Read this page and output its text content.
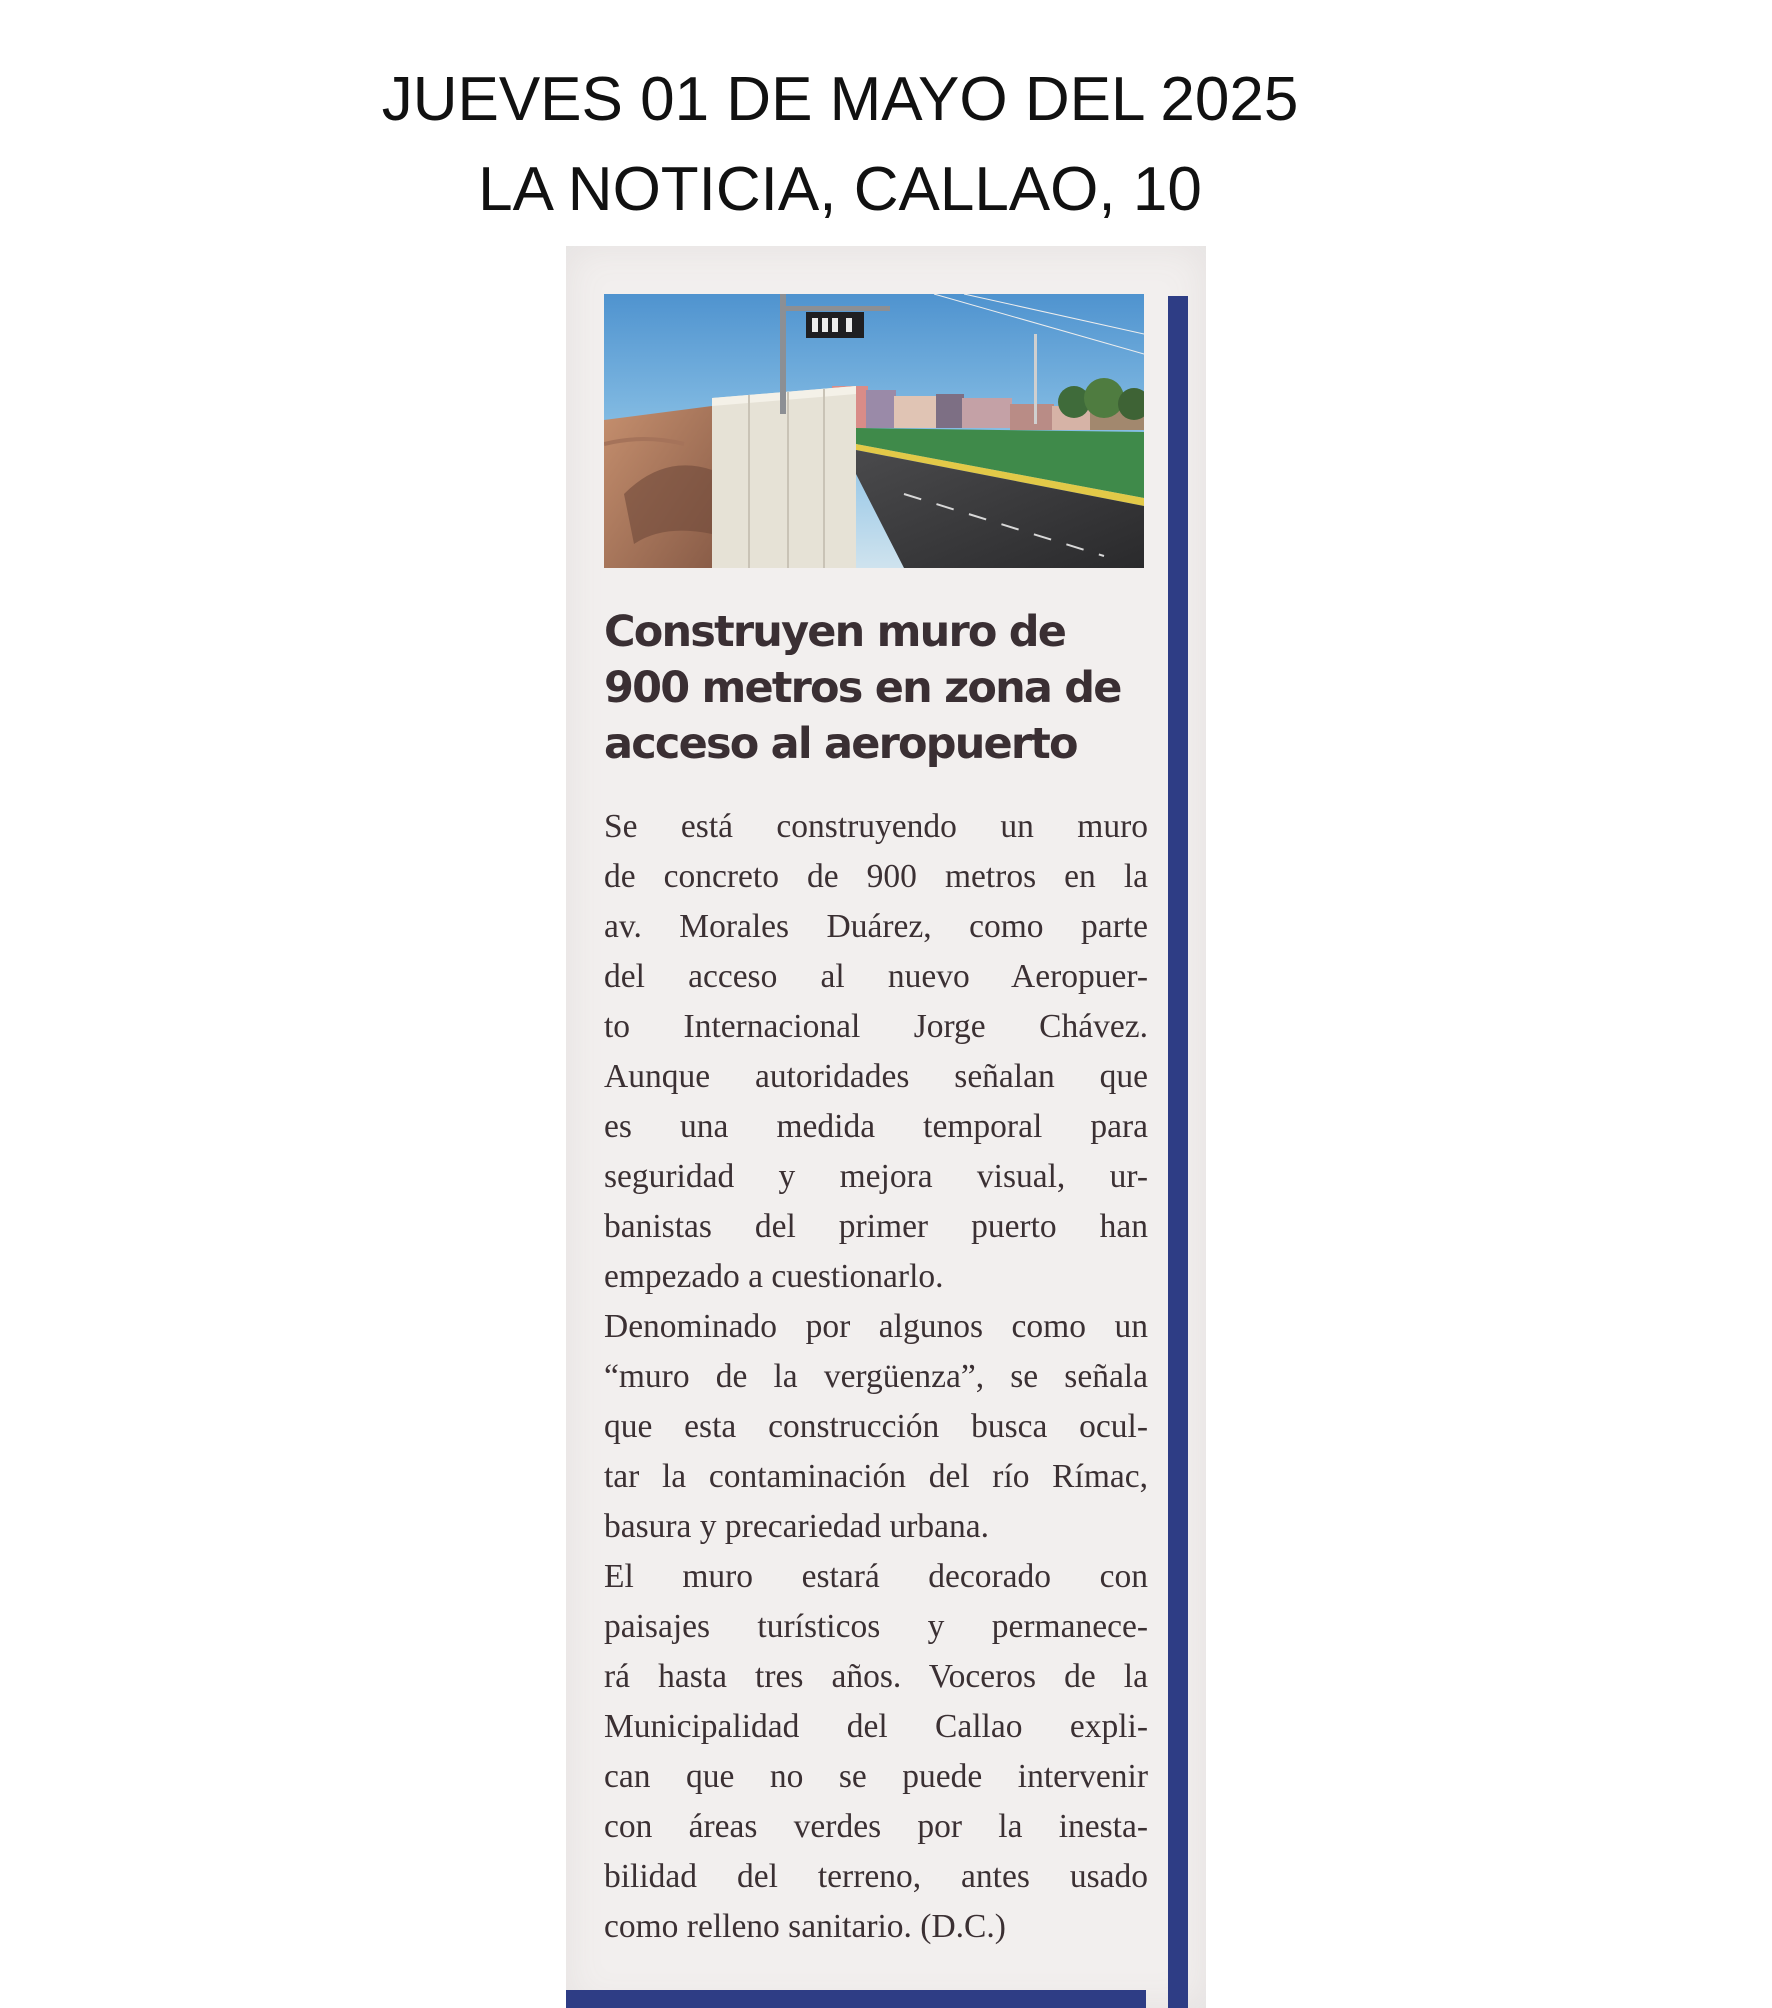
JUEVES 01 DE MAYO DEL 2025
LA NOTICIA, CALLAO, 10
Construyen muro de
900 metros en zona de
acceso al aeropuerto

Se está construyendo un muro
de concreto de 900 metros en la
av. Morales Duárez, como parte
del acceso al nuevo Aeropuer-
to Internacional Jorge Chávez.
Aunque autoridades señalan que
es una medida temporal para
seguridad y mejora visual, ur-
banistas del primer puerto han
empezado a cuestionarlo.

Denominado por algunos como un
“muro de la vergüenza”, se señala
que esta construcción busca ocul-
tar la contaminación del río Rímac,
basura y precariedad urbana.

El muro estará decorado con
paisajes turísticos y permanece-
rá hasta tres años. Voceros de la
Municipalidad del Callao expli-
can que no se puede intervenir
con áreas verdes por la inesta-
bilidad del terreno, antes usado
como relleno sanitario. (D.C.)
